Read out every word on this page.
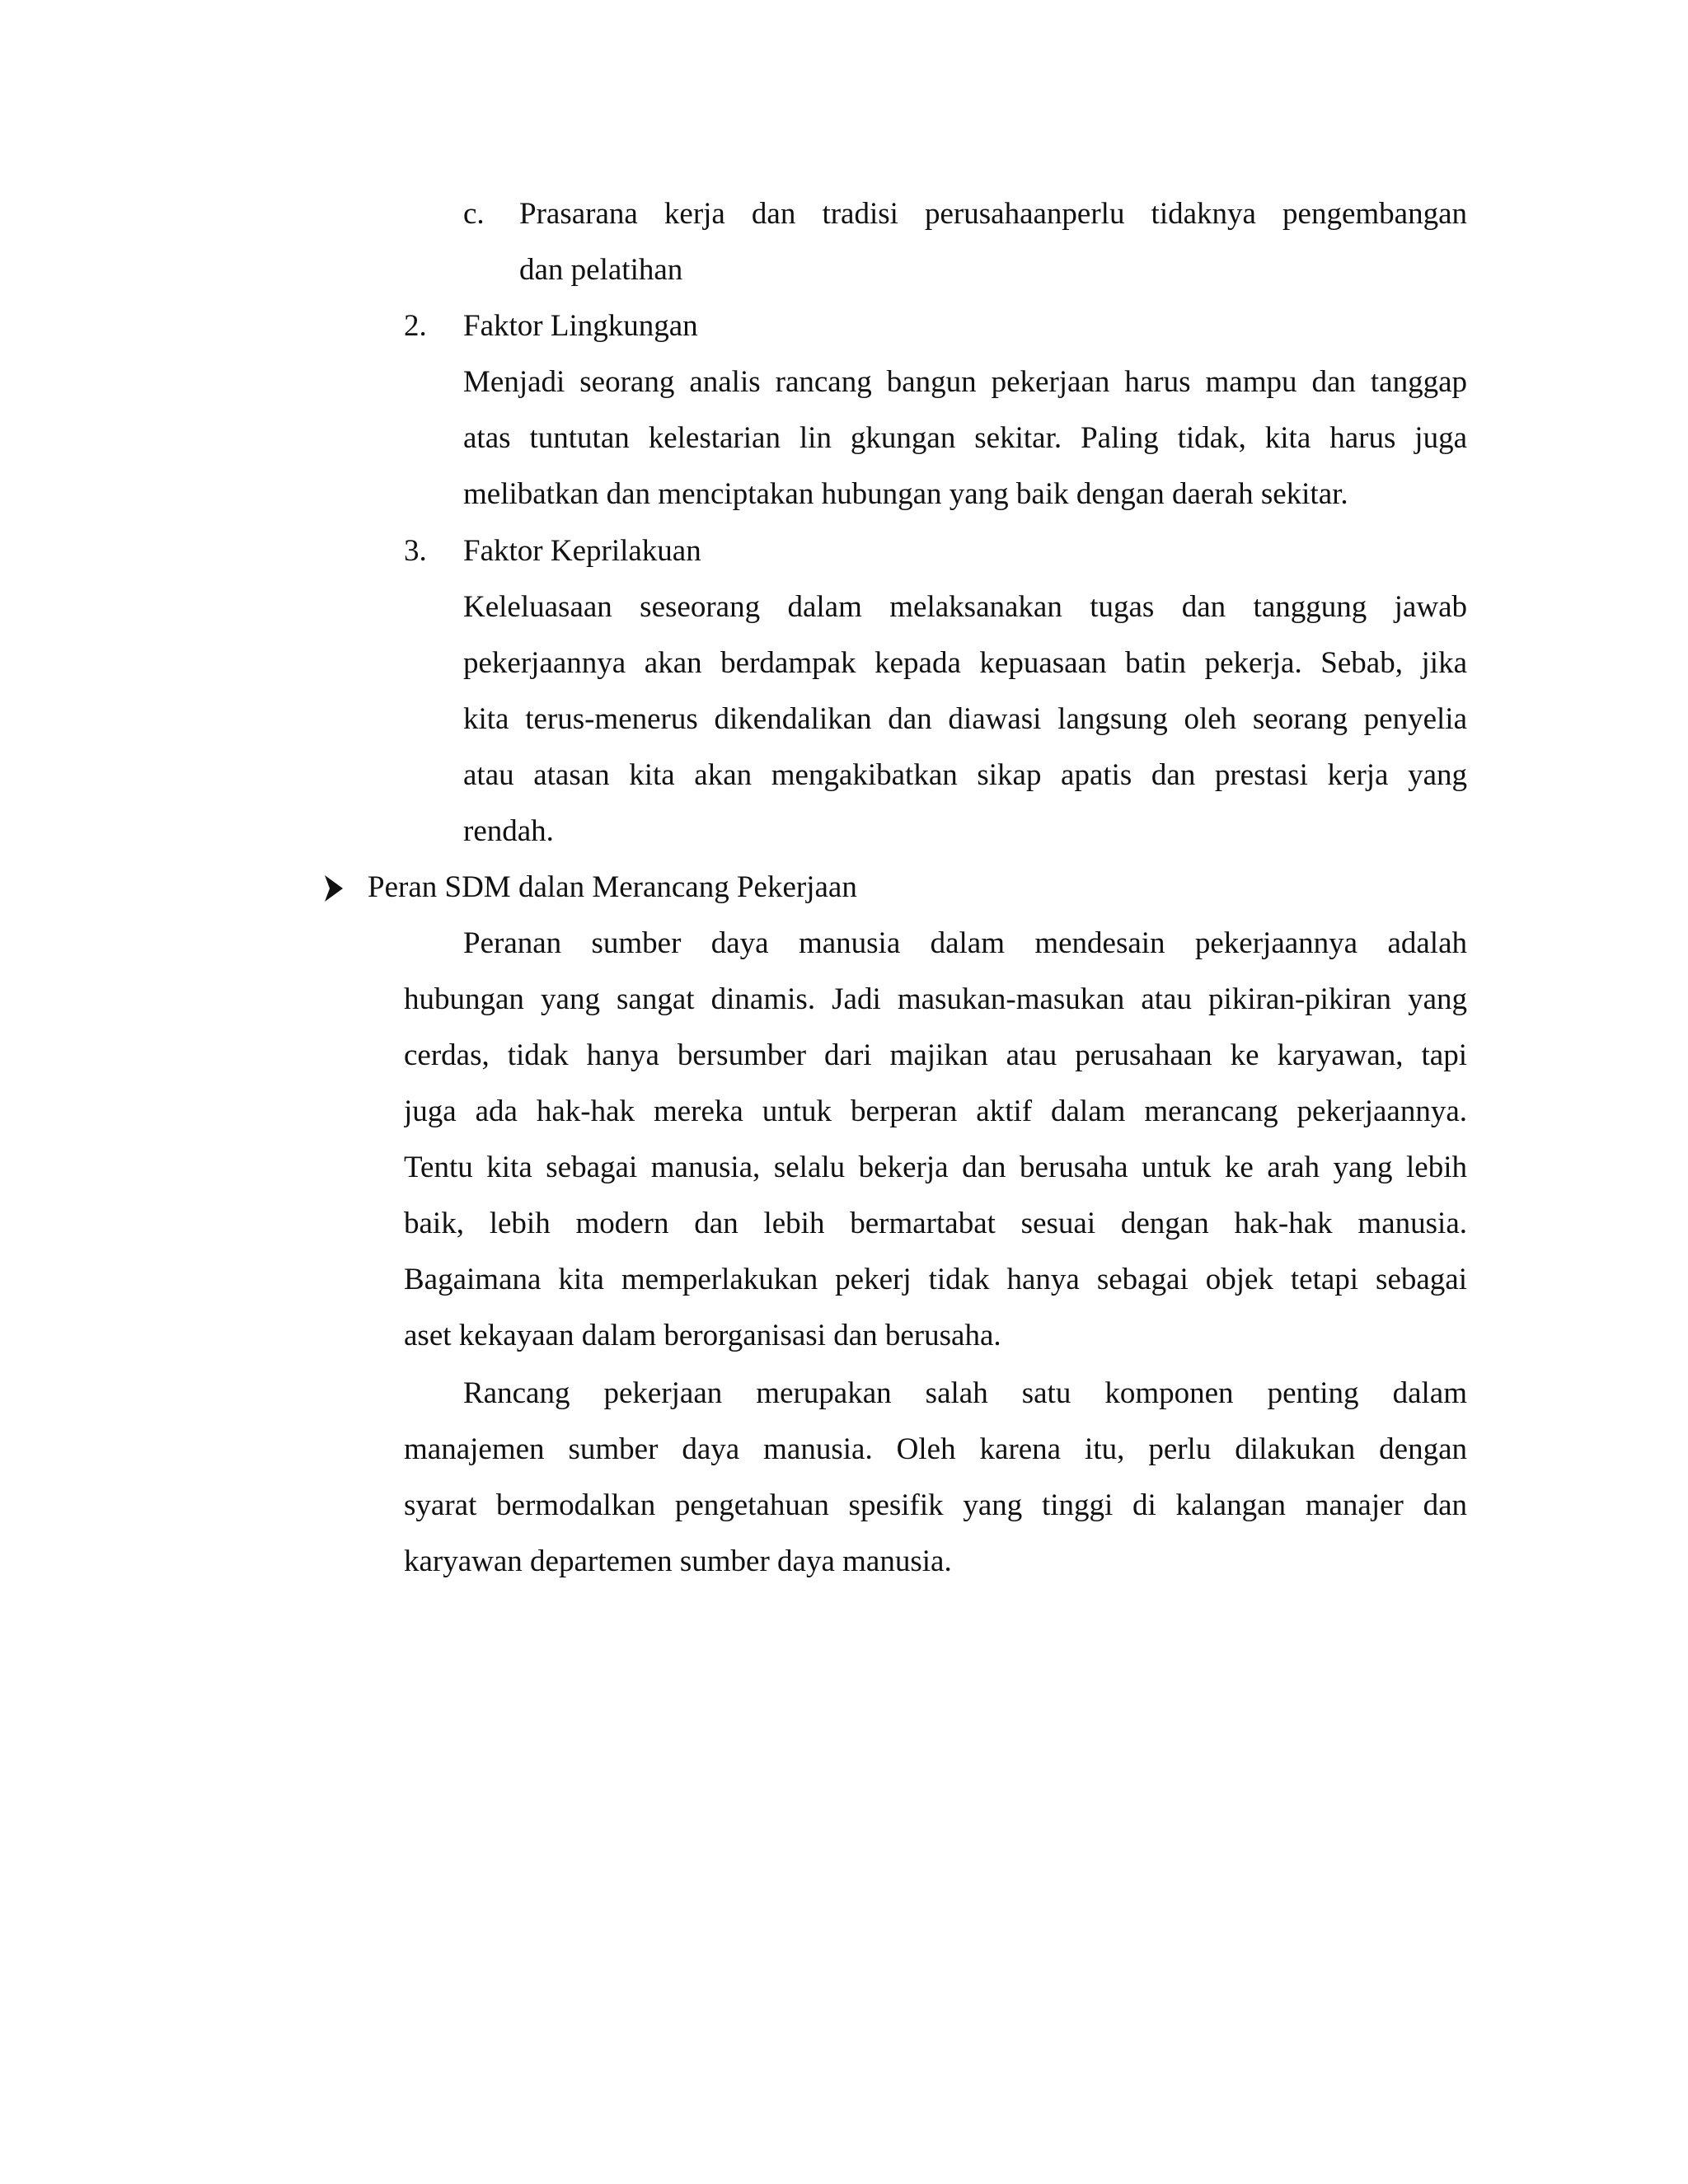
c. Prasarana kerja dan tradisi perusahaanperlu tidaknya pengembangan
dan pelatihan
2. Faktor Lingkungan
Menjadi seorang analis rancang bangun pekerjaan harus mampu dan tanggap
atas tuntutan kelestarian lin gkungan sekitar. Paling tidak, kita harus juga
melibatkan dan menciptakan hubungan yang baik dengan daerah sekitar.
3. Faktor Keprilakuan
Keleluasaan seseorang dalam melaksanakan tugas dan tanggung jawab
pekerjaannya akan berdampak kepada kepuasaan batin pekerja. Sebab, jika
kita terus-menerus dikendalikan dan diawasi langsung oleh seorang penyelia
atau atasan kita akan mengakibatkan sikap apatis dan prestasi kerja yang
rendah.
Peran SDM dalan Merancang Pekerjaan
Peranan sumber daya manusia dalam mendesain pekerjaannya adalah
hubungan yang sangat dinamis. Jadi masukan-masukan atau pikiran-pikiran yang
cerdas, tidak hanya bersumber dari majikan atau perusahaan ke karyawan, tapi
juga ada hak-hak mereka untuk berperan aktif dalam merancang pekerjaannya.
Tentu kita sebagai manusia, selalu bekerja dan berusaha untuk ke arah yang lebih
baik, lebih modern dan lebih bermartabat sesuai dengan hak-hak manusia.
Bagaimana kita memperlakukan pekerj tidak hanya sebagai objek tetapi sebagai
aset kekayaan dalam berorganisasi dan berusaha.
Rancang pekerjaan merupakan salah satu komponen penting dalam
manajemen sumber daya manusia. Oleh karena itu, perlu dilakukan dengan
syarat bermodalkan pengetahuan spesifik yang tinggi di kalangan manajer dan
karyawan departemen sumber daya manusia.
